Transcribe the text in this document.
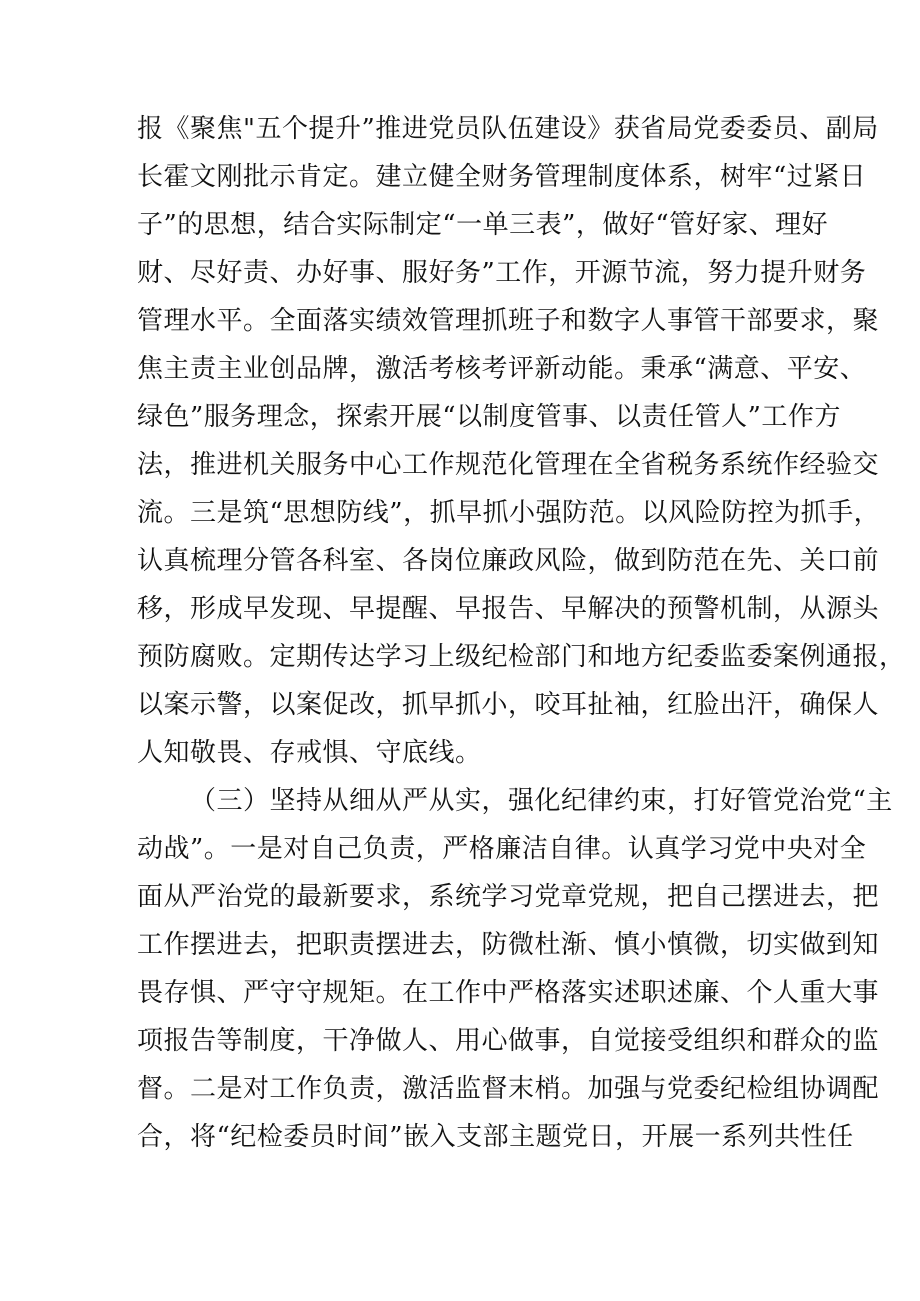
报《聚焦"五个提升”推进党员队伍建设》获省局党委委员、副局
长霍文刚批示肯定。建立健全财务管理制度体系，树牢“过紧日
子”的思想，结合实际制定“一单三表”，做好“管好家、理好
财、尽好责、办好事、服好务”工作，开源节流，努力提升财务
管理水平。全面落实绩效管理抓班子和数字人事管干部要求，聚
焦主责主业创品牌，激活考核考评新动能。秉承“满意、平安、
绿色”服务理念，探索开展“以制度管事、以责任管人”工作方
法，推进机关服务中心工作规范化管理在全省税务系统作经验交
流。三是筑“思想防线”，抓早抓小强防范。以风险防控为抓手，
认真梳理分管各科室、各岗位廉政风险，做到防范在先、关口前
移，形成早发现、早提醒、早报告、早解决的预警机制，从源头
预防腐败。定期传达学习上级纪检部门和地方纪委监委案例通报，
以案示警，以案促改，抓早抓小，咬耳扯袖，红脸出汗，确保人
人知敬畏、存戒惧、守底线。
（三）坚持从细从严从实，强化纪律约束，打好管党治党“主
动战”。一是对自己负责，严格廉洁自律。认真学习党中央对全
面从严治党的最新要求，系统学习党章党规，把自己摆进去，把
工作摆进去，把职责摆进去，防微杜渐、慎小慎微，切实做到知
畏存惧、严守守规矩。在工作中严格落实述职述廉、个人重大事
项报告等制度，干净做人、用心做事，自觉接受组织和群众的监
督。二是对工作负责，激活监督末梢。加强与党委纪检组协调配
合，将“纪检委员时间”嵌入支部主题党日，开展一系列共性任
